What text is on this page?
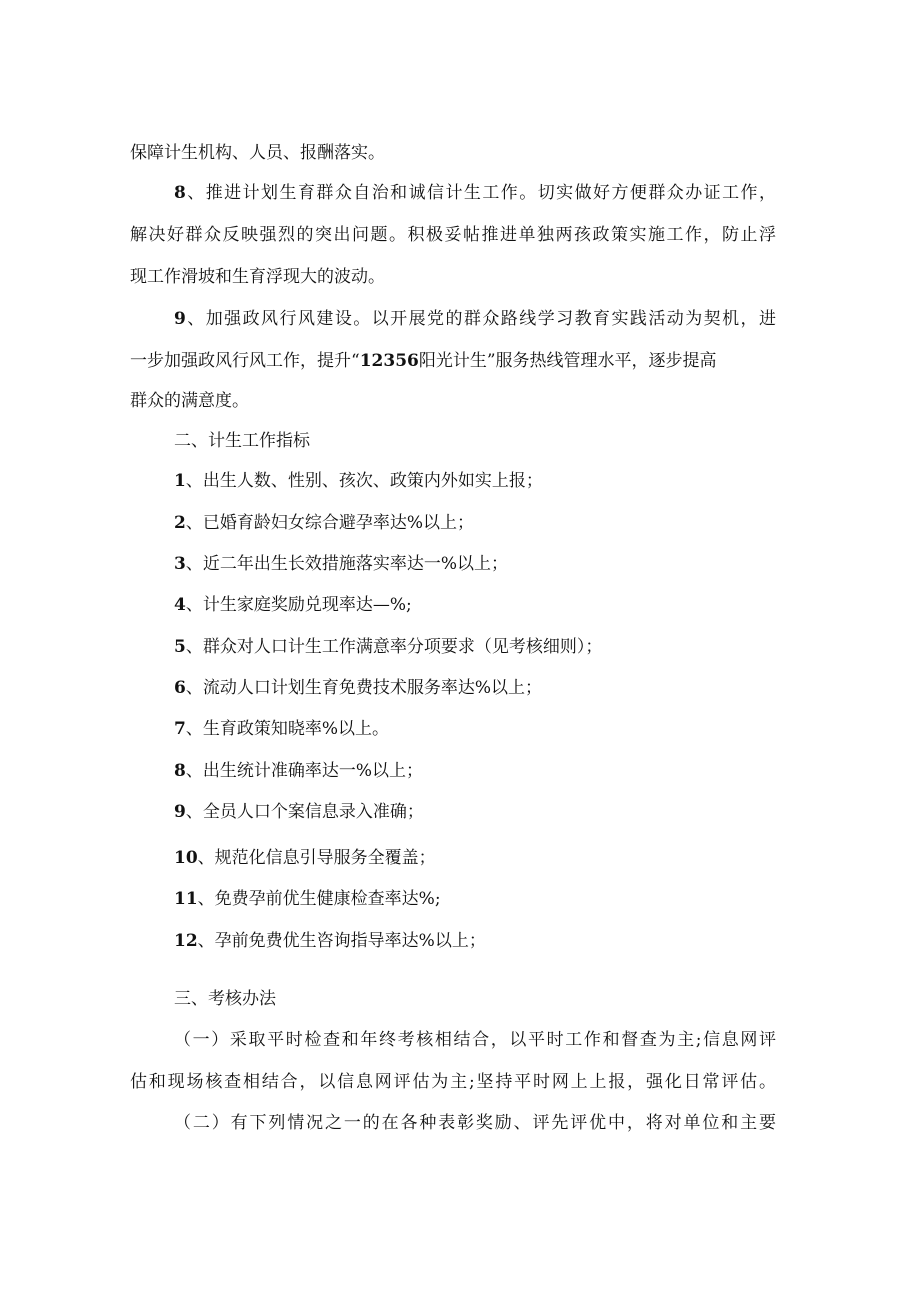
保障计生机构、人员、报酬落实。
8、推进计划生育群众自治和诚信计生工作。切实做好方便群众办证工作，
解决好群众反映强烈的突出问题。积极妥帖推进单独两孩政策实施工作，防止浮
现工作滑坡和生育浮现大的波动。
9、加强政风行风建设。以开展党的群众路线学习教育实践活动为契机，进
一步加强政风行风工作，提升“12356阳光计生”服务热线管理水平，逐步提高
群众的满意度。
二、计生工作指标
1、出生人数、性别、孩次、政策内外如实上报；
2、已婚育龄妇女综合避孕率达%以上；
3、近二年出生长效措施落实率达一%以上；
4、计生家庭奖励兑现率达—%;
5、群众对人口计生工作满意率分项要求（见考核细则）；
6、流动人口计划生育免费技术服务率达%以上；
7、生育政策知晓率%以上。
8、出生统计准确率达一%以上；
9、全员人口个案信息录入准确；
10、规范化信息引导服务全覆盖；
11、免费孕前优生健康检查率达%;
12、孕前免费优生咨询指导率达%以上；
三、考核办法
（一）采取平时检查和年终考核相结合，以平时工作和督查为主;信息网评
估和现场核查相结合，以信息网评估为主;坚持平时网上上报，强化日常评估。
（二）有下列情况之一的在各种表彰奖励、评先评优中，将对单位和主要
